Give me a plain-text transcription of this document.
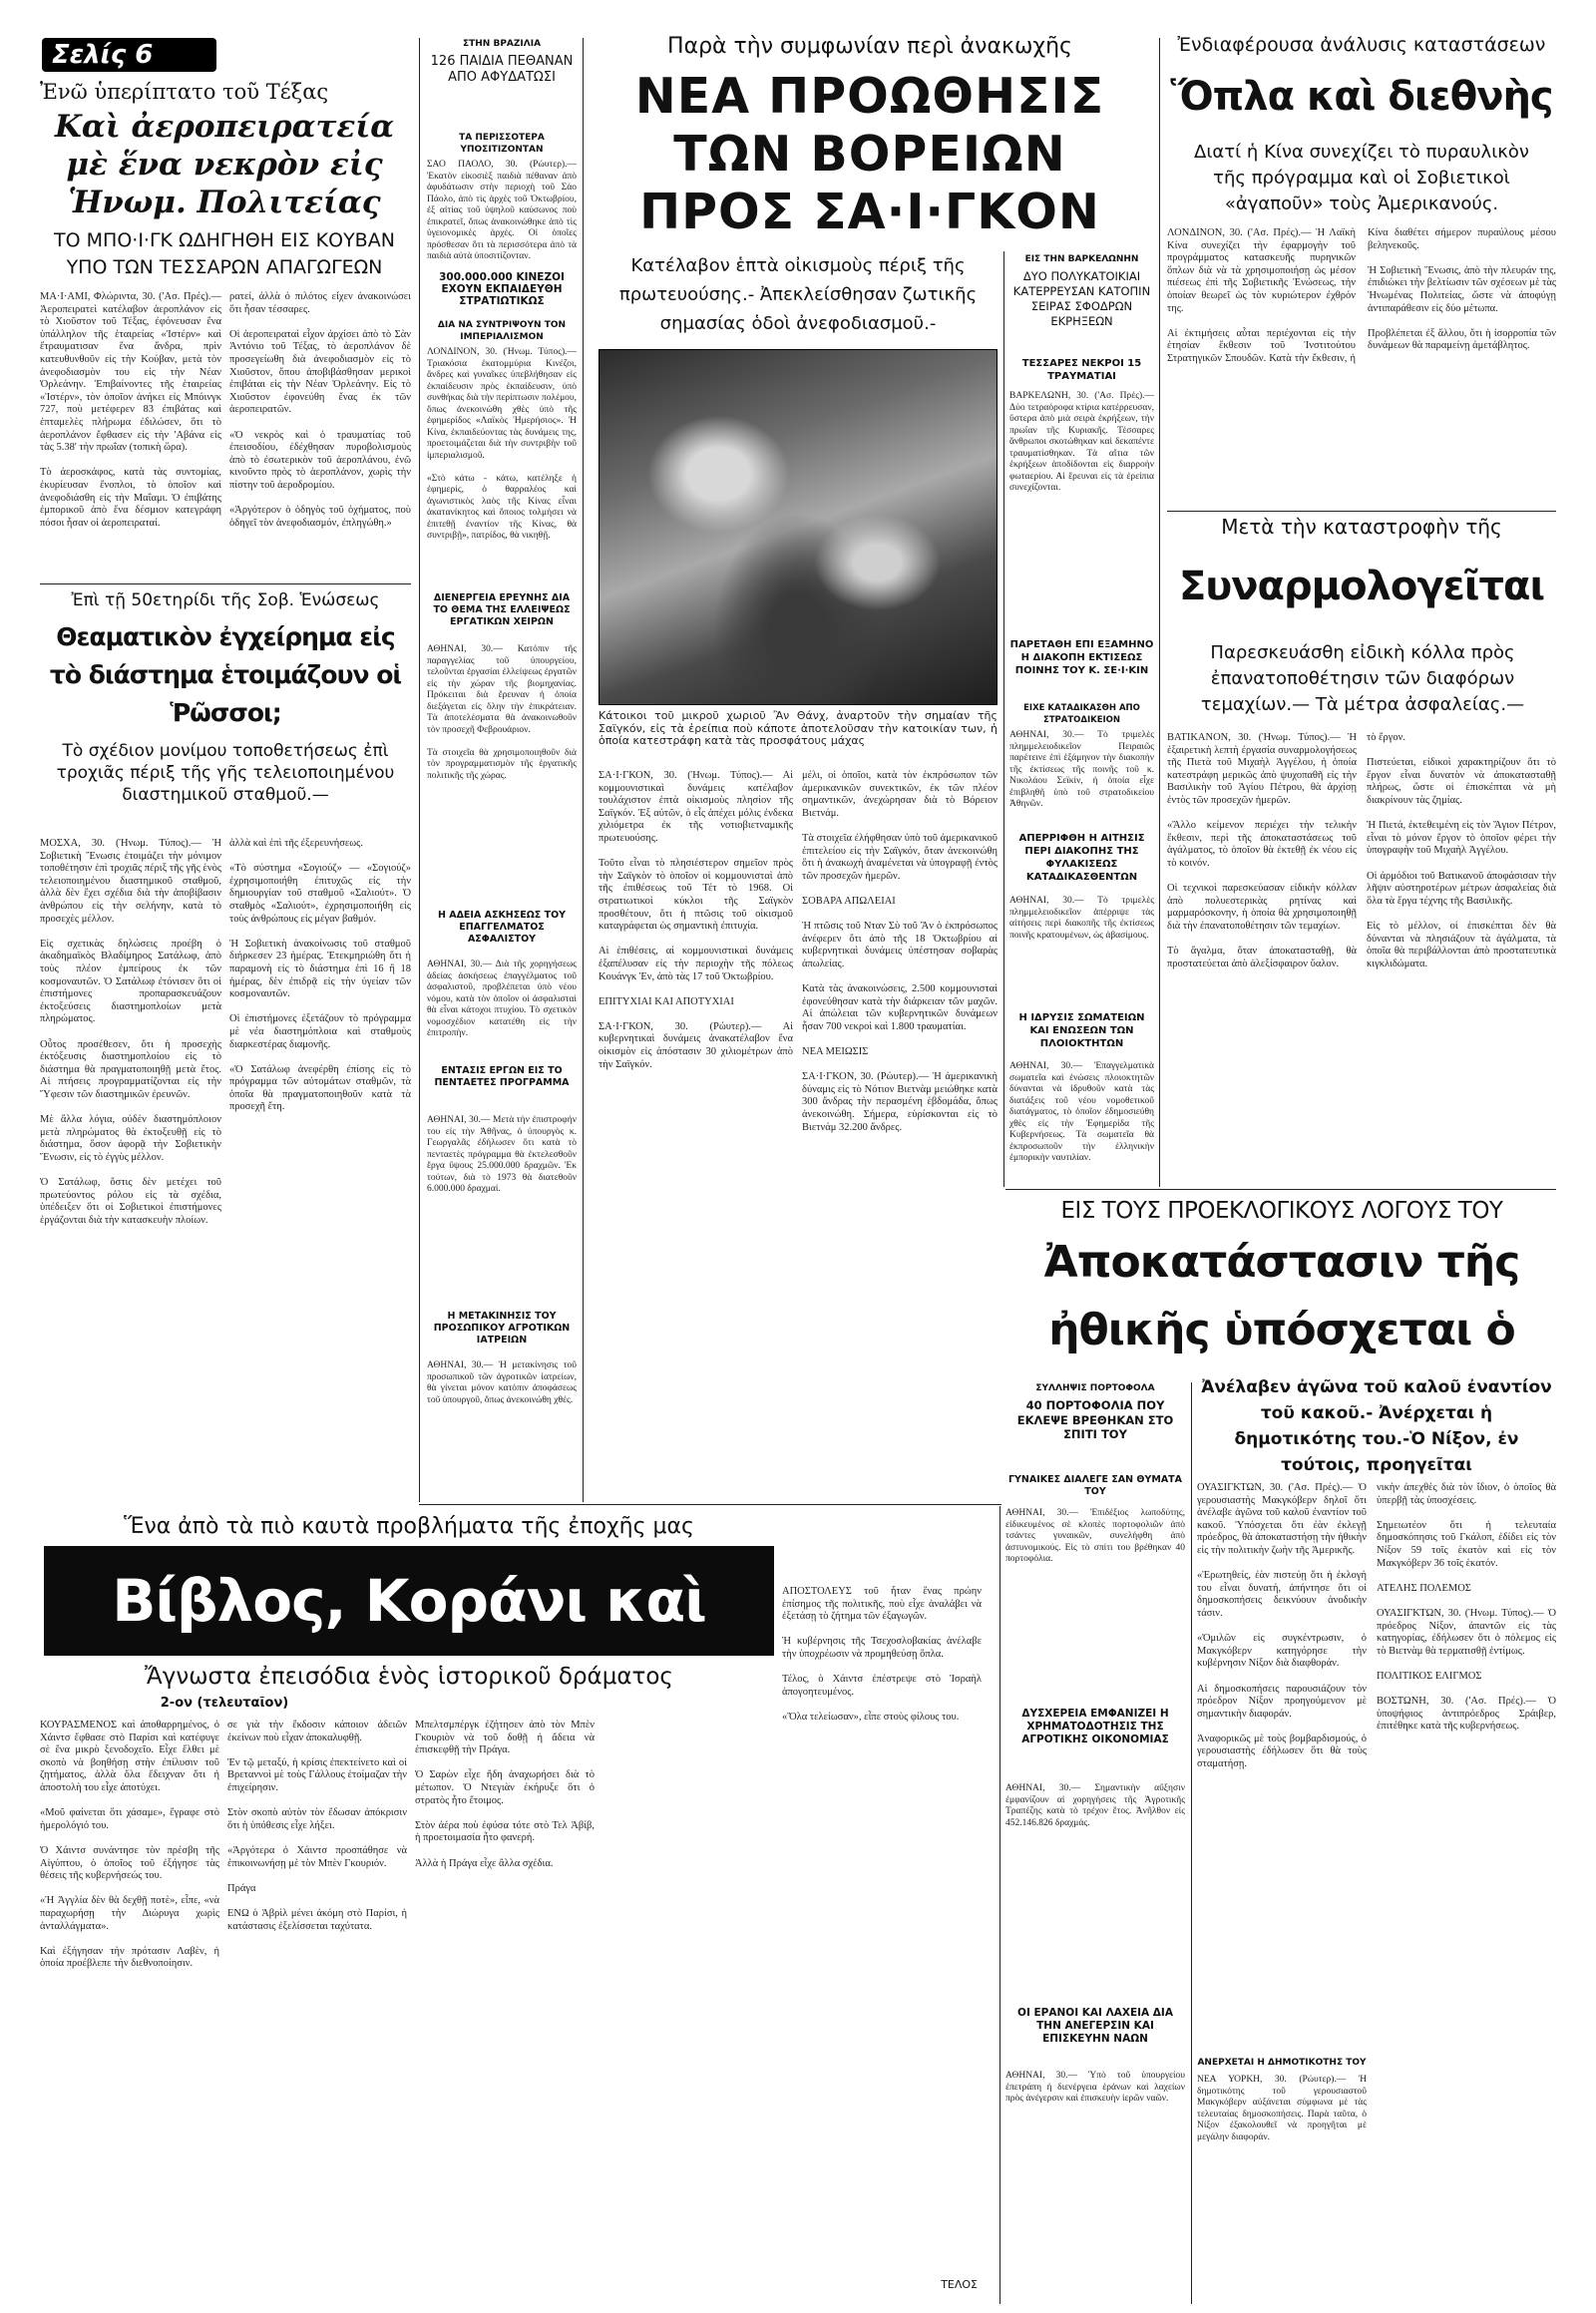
Σελίς 6
Ἐνῶ ὑπερίπτατο τοῦ Τέξας
Καὶ ἀεροπειρατεία μὲ ἕνα νεκρὸν εἰς Ἡνωμ. Πολιτείας
ΤΟ ΜΠΟ·Ι·ΓΚ ΩΔΗΓΗΘΗ ΕΙΣ ΚΟΥΒΑΝ ΥΠΟ ΤΩΝ ΤΕΣΣΑΡΩΝ ΑΠΑΓΩΓΕΩΝ
ΜΑ·Ι·ΑΜΙ, Φλώριντα, 30. ('Ασ. Πρές).— Ἀεροπειρατεὶ κατέλαβον ἀεροπλάνον εἰς τὸ Χιοῦστον τοῦ Τέξας, ἐφόνευσαν ἕνα ὑπάλληλον τῆς ἑταιρείας «Ἰστέρν» καὶ ἔτραυματισαν ἕνα ἄνδρα, πρὶν κατευθυνθοῦν εἰς τὴν Κούβαν, μετὰ τὸν ἀνεφοδιασμὸν του εἰς τὴν Νέαν Ὀρλεάνην. Ἐπιβαίνοντες τῆς ἑταιρείας «Ἰστέρν», τὸν ὁποῖον ἀνήκει εἰς Μπόινγκ 727, ποὺ μετέφερεν 83 ἐπιβάτας καὶ ἐπταμελὲς πλήρωμα ἐδιλώσεν, ὅτι τὸ ἀεροπλάνον ἔφθασεν εἰς τὴν 'Αβάνα εἰς τὰς 5.38' τὴν πρωΐαν (τοπικὴ ὥρα).

Τὸ ἀεροσκάφος, κατὰ τὰς συντομίας, ἐκυρίευσαν ἔνοπλοι, τὸ ὁποῖον καὶ ἀνεφοδιάσθη εἰς τὴν Μαΐαμι. Ὁ ἐπιβάτης ἐμπορικοῦ ἀπὸ ἕνα δέσμιον κατεγράφη πόσοι ἦσαν οἱ ἀεροπειραταί.
ρατεί, ἀλλὰ ὁ πιλότος εἶχεν ἀνακοινώσει ὅτι ἦσαν τέσσαρες.

Οἱ ἀεροπειραταὶ εἶχον ἀρχίσει ἀπὸ τὸ Σὰν Ἀντόνιο τοῦ Τέξας, τὸ ἀεροπλάνον δὲ προσεγείωθη διὰ ἀνεφοδιασμὸν εἰς τὸ Χιοῦστον, ὅπου ἀποβιβάσθησαν μερικοὶ ἐπιβάται εἰς τὴν Νέαν Ὀρλεάνην. Εἰς τὸ Χιοῦστον ἐφονεύθη ἔνας ἐκ τῶν ἀεροπειρατῶν.

«Ὁ νεκρὸς καὶ ὁ τραυματίας τοῦ ἐπεισοδίου, ἐδέχθησαν πυροβολισμοὺς ἀπὸ τὸ ἐσωτερικὸν τοῦ ἀεροπλάνου, ἐνῶ κινοῦντο πρὸς τὸ ἀεροπλάνον, χωρὶς τὴν πίστην τοῦ ἀεροδρομίου.

«Ἀργότερον ὁ ὁδηγὸς τοῦ ὀχήματος, ποὺ ὁδηγεῖ τὸν ἀνεφοδιασμόν, ἐπληγώθη.»
Ἐπὶ τῇ 50ετηρίδι τῆς Σοβ. Ἑνώσεως
Θεαματικὸν ἐγχείρημα εἰς τὸ διάστημα ἑτοιμάζουν οἱ Ῥῶσσοι;
Τὸ σχέδιον μονίμου τοποθετήσεως ἐπὶ τροχιᾶς πέριξ τῆς γῆς τελειοποιημένου διαστημικοῦ σταθμοῦ.—
ΜΟΣΧΑ, 30. (Ἡνωμ. Τύπος).— Ἡ Σοβιετικὴ Ἕνωσις ἑτοιμάζει τὴν μόνιμον τοποθέτησιν ἐπὶ τροχιᾶς πέριξ τῆς γῆς ἑνὸς τελειοποιημένου διαστημικοῦ σταθμοῦ, ἀλλὰ δὲν ἔχει σχέδια διὰ τὴν ἀποβίβασιν ἀνθρώπου εἰς τὴν σελήνην, κατὰ τὸ προσεχὲς μέλλον.

Εἰς σχετικὰς δηλώσεις προέβη ὁ ἀκαδημαϊκὸς Βλαδίμηρος Σατάλωφ, ἀπὸ τοὺς πλέον ἐμπείρους ἐκ τῶν κοσμοναυτῶν. Ὁ Σατάλωφ ἐτόνισεν ὅτι οἱ ἐπιστήμονες προπαρασκευάζουν ἐκτοξεύσεις διαστημοπλοίων μετὰ πληρώματος.

Οὗτος προσέθεσεν, ὅτι ἡ προσεχὴς ἐκτόξευσις διαστημοπλοίου εἰς τὸ διάστημα θὰ πραγματοποιηθῇ μετὰ ἔτος. Αἱ πτήσεις προγραμματίζονται εἰς τὴν Ὕφεσιν τῶν διαστημικῶν ἐρευνῶν.

Μὲ ἄλλα λόγια, οὐδὲν διαστημόπλοιον μετὰ πληρώματος θὰ ἐκτοξευθῇ εἰς τὸ διάστημα, ὅσον ἀφορᾷ τὴν Σοβιετικὴν Ἕνωσιν, εἰς τὸ ἐγγὺς μέλλον.

Ὁ Σατάλωφ, ὅστις δὲν μετέχει τοῦ πρωτεύοντος ρόλου εἰς τὰ σχέδια, ὑπέδειξεν ὅτι οἱ Σοβιετικοὶ ἐπιστήμονες ἐργάζονται διὰ τὴν κατασκευὴν πλοίων.
ἀλλὰ καὶ ἐπὶ τῆς ἐξερευνήσεως.

«Τὸ σύστημα «Σογιούζ» — «Σογιούζ» ἐχρησιμοποιήθη ἐπιτυχῶς εἰς τὴν δημιουργίαν τοῦ σταθμοῦ «Σαλιούτ». Ὁ σταθμὸς «Σαλιούτ», ἐχρησιμοποιήθη εἰς τοὺς ἀνθρώπους εἰς μέγαν βαθμόν.

Ἡ Σοβιετικὴ ἀνακοίνωσις τοῦ σταθμοῦ διήρκεσεν 23 ἡμέρας. Ἐτεκμηριώθη ὅτι ἡ παραμονὴ εἰς τὸ διάστημα ἐπὶ 16 ἢ 18 ἡμέρας, δὲν ἐπιδρᾷ εἰς τὴν ὑγείαν τῶν κοσμοναυτῶν.

Οἱ ἐπιστήμονες ἐξετάζουν τὸ πρόγραμμα μὲ νέα διαστημόπλοια καὶ σταθμοὺς διαρκεστέρας διαμονῆς.

«Ὁ Σατάλωφ ἀνεφέρθη ἐπίσης εἰς τὸ πρόγραμμα τῶν αὐτομάτων σταθμῶν, τὰ ὁποῖα θὰ πραγματοποιηθοῦν κατὰ τὰ προσεχῆ ἔτη.
ΣΤΗΝ ΒΡΑΖΙΛΙΑ
126 ΠΑΙΔΙΑ ΠΕΘΑΝΑΝ ΑΠΟ ΑΦΥΔΑΤΩΣΙ
ΤΑ ΠΕΡΙΣΣΟΤΕΡΑ ΥΠΟΣΙΤΙΖΟΝΤΑΝ
ΣΑΟ ΠΑΟΛΟ, 30. (Ρώυτερ).— Ἑκατὸν εἰκοσιὲξ παιδιὰ πέθαναν ἀπὸ ἀφυδάτωσιν στὴν περιοχὴ τοῦ Σάο Πάολο, ἀπὸ τὶς ἀρχὲς τοῦ Ὀκτωβρίου, ἐξ αἰτίας τοῦ ὑψηλοῦ καύσωνος ποὺ ἐπικρατεῖ, ὅπως ἀνακοινώθηκε ἀπὸ τὶς ὑγειονομικὲς ἀρχές. Οἱ ὁποῖες πρόσθεσαν ὅτι τὰ περισσότερα ἀπὸ τὰ παιδιὰ αὐτὰ ὑποσιτίζονταν.
300.000.000 ΚΙΝΕΖΟΙ ΕΧΟΥΝ ΕΚΠΑΙΔΕΥΘΗ ΣΤΡΑΤΙΩΤΙΚΩΣ
ΔΙΑ ΝΑ ΣΥΝΤΡΙΨΟΥΝ ΤΟΝ ΙΜΠΕΡΙΑΛΙΣΜΟΝ
ΛΟΝΔΙΝΟΝ, 30. (Ἡνωμ. Τύπος).— Τριακόσια ἑκατομμύρια Κινέζοι, ἄνδρες καὶ γυναῖκες ὑπεβλήθησαν εἰς ἐκπαίδευσιν πρὸς ἐκπαίδευσιν, ὑπὸ συνθήκας διὰ τὴν περίπτωσιν πολέμου, ὅπως ἀνεκοινώθη χθὲς ὑπὸ τῆς ἐφημερίδος «Λαϊκὸς Ἡμερήσιος». Ἡ Κίνα, ἐκπαιδεύοντας τὰς δυνάμεις της, προετοιμάζεται διὰ τὴν συντριβὴν τοῦ ἰμπεριαλισμοῦ.

«Στὸ κάτω - κάτω, κατέληξε ἡ ἐφημερίς, ὁ θαρραλέος καὶ ἀγωνιστικὸς λαὸς τῆς Κίνας εἶναι ἀκατανίκητος καὶ ὅποιος τολμήσει νὰ ἐπιτεθῇ ἐναντίον τῆς Κίνας, θὰ συντριβῇ», πατρίδος, θὰ νικηθῇ.
ΔΙΕΝΕΡΓΕΙΑ ΕΡΕΥΝΗΣ ΔΙΑ ΤΟ ΘΕΜΑ ΤΗΣ ΕΛΛΕΙΨΕΩΣ ΕΡΓΑΤΙΚΩΝ ΧΕΙΡΩΝ
ΑΘΗΝΑΙ, 30.— Κατόπιν τῆς παραγγελίας τοῦ ὑπουργείου, τελοῦνται ἐργασίαι ἐλλείψεως ἐργατῶν εἰς τὴν χώραν τῆς βιομηχανίας. Πρόκειται διὰ ἔρευναν ἡ ὁποία διεξάγεται εἰς ὅλην τὴν ἐπικράτειαν. Τὰ ἀποτελέσματα θὰ ἀνακοινωθοῦν τὸν προσεχῆ Φεβρουάριον.

Τὰ στοιχεῖα θὰ χρησιμοποιηθοῦν διὰ τὸν προγραμματισμὸν τῆς ἐργατικῆς πολιτικῆς τῆς χώρας.
Η ΑΔΕΙΑ ΑΣΚΗΣΕΩΣ ΤΟΥ ΕΠΑΓΓΕΛΜΑΤΟΣ ΑΣΦΑΛΙΣΤΟΥ
ΑΘΗΝΑΙ, 30.— Διὰ τῆς χορηγήσεως ἀδείας ἀσκήσεως ἐπαγγέλματος τοῦ ἀσφαλιστοῦ, προβλέπεται ὑπὸ νέου νόμου, κατὰ τὸν ὁποῖον οἱ ἀσφαλισταὶ θὰ εἶναι κάτοχοι πτυχίου. Τὸ σχετικὸν νομοσχέδιον κατατέθη εἰς τὴν ἐπιτροπὴν.
ΕΝΤΑΣΙΣ ΕΡΓΩΝ ΕΙΣ ΤΟ ΠΕΝΤΑΕΤΕΣ ΠΡΟΓΡΑΜΜΑ
ΑΘΗΝΑΙ, 30.— Μετὰ τὴν ἐπιστροφήν του εἰς τὴν Ἀθῆνας, ὁ ὑπουργὸς κ. Γεωργαλᾶς ἐδήλωσεν ὅτι κατὰ τὸ πενταετὲς πρόγραμμα θὰ ἐκτελεσθοῦν ἔργα ὕψους 25.000.000 δραχμῶν. Ἐκ τούτων, διὰ τὸ 1973 θὰ διατεθοῦν 6.000.000 δραχμαί.
Η ΜΕΤΑΚΙΝΗΣΙΣ ΤΟΥ ΠΡΟΣΩΠΙΚΟΥ ΑΓΡΟΤΙΚΩΝ ΙΑΤΡΕΙΩΝ
ΑΘΗΝΑΙ, 30.— Ἡ μετακίνησις τοῦ προσωπικοῦ τῶν ἀγροτικῶν ἰατρείων, θὰ γίνεται μόνον κατόπιν ἀποφάσεως τοῦ ὑπουργοῦ, ὅπως ἀνεκοινώθη χθές.
Παρὰ τὴν συμφωνίαν περὶ ἀνακωχῆς
ΝΕΑ ΠΡΟΩΘΗΣΙΣ ΤΩΝ ΒΟΡΕΙΩΝ ΠΡΟΣ ΣΑ·Ι·ΓΚΟΝ
Κατέλαβον ἑπτὰ οἰκισμοὺς πέριξ τῆς πρωτευούσης.- Ἀπεκλείσθησαν ζωτικῆς σημασίας ὁδοὶ ἀνεφοδιασμοῦ.-
Κάτοικοι τοῦ μικροῦ χωριοῦ Ἂν Θάνχ, ἀναρτοῦν τὴν σημαίαν τῆς Σαϊγκόν, εἰς τὰ ἐρείπια ποὺ κάποτε ἀποτελοῦσαν τὴν κατοικίαν των, ἡ ὁποία κατεστράφη κατὰ τὰς προσφάτους μάχας
ΣΑ·Ι·ΓΚΟΝ, 30. (Ἡνωμ. Τύπος).— Αἱ κομμουνιστικαὶ δυνάμεις κατέλαβον τουλάχιστον ἑπτὰ οἰκισμοὺς πλησίον τῆς Σαϊγκόν. Ἐξ αὐτῶν, ὁ εἷς ἀπέχει μόλις ἐνδεκα χιλιόμετρα ἐκ τῆς νοτιοβιετναμικῆς πρωτευούσης.

Τοῦτο εἶναι τὸ πλησιέστερον σημεῖον πρὸς τὴν Σαϊγκὸν τὸ ὁποῖον οἱ κομμουνισταὶ ἀπὸ τῆς ἐπιθέσεως τοῦ Τέτ τὸ 1968. Οἱ στρατιωτικοὶ κύκλοι τῆς Σαϊγκὸν προσθέτουν, ὅτι ἡ πτῶσις τοῦ οἰκισμοῦ καταγράφεται ὡς σημαντικὴ ἐπιτυχία.

Αἱ ἐπιθέσεις, αἱ κομμουνιστικαὶ δυνάμεις ἐξαπέλυσαν εἰς τὴν περιοχὴν τῆς πόλεως Κουάνγκ Ἐν, ἀπὸ τὰς 17 τοῦ Ὀκτωβρίου.

ΕΠΙΤΥΧΙΑΙ ΚΑΙ ΑΠΟΤΥΧΙΑΙ

ΣΑ·Ι·ΓΚΟΝ, 30. (Ρώυτερ).— Αἱ κυβερνητικαὶ δυνάμεις ἀνακατέλαβον ἕνα οἰκισμὸν εἰς ἀπόστασιν 30 χιλιομέτρων ἀπὸ τὴν Σαϊγκόν.
μέλι, οἱ ὁποῖοι, κατὰ τὸν ἐκπρόσωπον τῶν ἀμερικανικῶν συνεκτικῶν, ἐκ τῶν πλέον σημαντικῶν, ἀνεχώρησαν διὰ τὸ Βόρειον Βιετνάμ.

Τὰ στοιχεῖα ἐλήφθησαν ὑπὸ τοῦ ἀμερικανικοῦ ἐπιτελείου εἰς τὴν Σαϊγκόν, ὅταν ἀνεκοινώθη ὅτι ἡ ἀνακωχὴ ἀναμένεται νὰ ὑπογραφῇ ἐντὸς τῶν προσεχῶν ἡμερῶν.

ΣΟΒΑΡΑ ΑΠΩΛΕΙΑΙ

Ἡ πτῶσις τοῦ Νταν Σὺ τοῦ Ἂν ὁ ἐκπρόσωπος ἀνέφερεν ὅτι ἀπὸ τῆς 18 Ὀκτωβρίου αἱ κυβερνητικαὶ δυνάμεις ὑπέστησαν σοβαρὰς ἀπωλείας.

Κατὰ τὰς ἀνακοινώσεις, 2.500 κομμουνισταὶ ἐφονεύθησαν κατὰ τὴν διάρκειαν τῶν μαχῶν. Αἱ ἀπώλειαι τῶν κυβερνητικῶν δυνάμεων ἦσαν 700 νεκροὶ καὶ 1.800 τραυματίαι.

ΝΕΑ ΜΕΙΩΣΙΣ

ΣΑ·Ι·ΓΚΟΝ, 30. (Ρώυτερ).— Ἡ ἀμερικανικὴ δύναμις εἰς τὸ Νότιον Βιετνὰμ μειώθηκε κατὰ 300 ἄνδρας τὴν περασμένη ἑβδομάδα, ὅπως ἀνεκοινώθη. Σήμερα, εὑρίσκονται εἰς τὸ Βιετνάμ 32.200 ἄνδρες.
ΕΙΣ ΤΗΝ ΒΑΡΚΕΛΩΝΗΝ
ΔΥΟ ΠΟΛΥΚΑΤΟΙΚΙΑΙ ΚΑΤΕΡΡΕΥΣΑΝ ΚΑΤΟΠΙΝ ΣΕΙΡΑΣ ΣΦΟΔΡΩΝ ΕΚΡΗΞΕΩΝ
ΤΕΣΣΑΡΕΣ ΝΕΚΡΟΙ 15 ΤΡΑΥΜΑΤΙΑΙ
ΒΑΡΚΕΛΩΝΗ, 30. ('Ασ. Πρές).— Δύο τετραόροφα κτίρια κατέρρευσαν, ὕστερα ἀπὸ μιὰ σειρὰ ἐκρήξεων, τὴν πρωΐαν τῆς Κυριακῆς. Τέσσαρες ἄνθρωποι σκοτώθηκαν καὶ δεκαπέντε τραυματίσθηκαν. Τὰ αἴτια τῶν ἐκρήξεων ἀποδίδονται εἰς διαρροὴν φωταερίου. Αἱ ἔρευναι εἰς τὰ ἐρείπια συνεχίζονται.
ΠΑΡΕΤΑΘΗ ΕΠΙ ΕΞΑΜΗΝΟ Η ΔΙΑΚΟΠΗ ΕΚΤΙΣΕΩΣ ΠΟΙΝΗΣ ΤΟΥ Κ. ΣΕ·Ι·ΚΙΝ
ΕΙΧΕ ΚΑΤΑΔΙΚΑΣΘΗ ΑΠΟ ΣΤΡΑΤΟΔΙΚΕΙΟΝ
ΑΘΗΝΑΙ, 30.— Τὸ τριμελὲς πλημμελειοδικεῖον Πειραιῶς παρέτεινε ἐπὶ ἑξάμηνον τὴν διακοπὴν τῆς ἐκτίσεως τῆς ποινῆς τοῦ κ. Νικολάου Σεϊκίν, ἡ ὁποία εἶχε ἐπιβληθῆ ὑπὸ τοῦ στρατοδικείου Ἀθηνῶν.
ΑΠΕΡΡΙΦΘΗ Η ΑΙΤΗΣΙΣ ΠΕΡΙ ΔΙΑΚΟΠΗΣ ΤΗΣ ΦΥΛΑΚΙΣΕΩΣ ΚΑΤΑΔΙΚΑΣΘΕΝΤΩΝ
ΑΘΗΝΑΙ, 30.— Τὸ τριμελὲς πλημμελειοδικεῖον ἀπέρριψε τὰς αἰτήσεις περὶ διακοπῆς τῆς ἐκτίσεως ποινῆς κρατουμένων, ὡς ἀβασίμους.
Η ΙΔΡΥΣΙΣ ΣΩΜΑΤΕΙΩΝ ΚΑΙ ΕΝΩΣΕΩΝ ΤΩΝ ΠΛΟΙΟΚΤΗΤΩΝ
ΑΘΗΝΑΙ, 30.— Ἐπαγγελματικὰ σωματεῖα καὶ ἑνώσεις πλοιοκτητῶν δύνανται νὰ ἱδρυθοῦν κατὰ τὰς διατάξεις τοῦ νέου νομοθετικοῦ διατάγματος, τὸ ὁποῖον ἐδημοσιεύθη χθὲς εἰς τὴν Ἐφημερίδα τῆς Κυβερνήσεως. Τὰ σωματεῖα θὰ ἐκπροσωποῦν τὴν ἑλληνικὴν ἐμπορικὴν ναυτιλίαν.
Ἐνδιαφέρουσα ἀνάλυσις καταστάσεων
Ὅπλα καὶ διεθνὴς
Διατί ἡ Κίνα συνεχίζει τὸ πυραυλικὸν τῆς πρόγραμμα καὶ οἱ Σοβιετικοὶ «ἀγαποῦν» τοὺς Ἀμερικανούς.
ΛΟΝΔΙΝΟΝ, 30. ('Ασ. Πρές).— Ἡ Λαϊκὴ Κίνα συνεχίζει τὴν ἐφαρμογὴν τοῦ προγράμματος κατασκευῆς πυρηνικῶν ὅπλων διὰ νὰ τὰ χρησιμοποιήσῃ ὡς μέσον πιέσεως ἐπὶ τῆς Σοβιετικῆς Ἑνώσεως, τὴν ὁποίαν θεωρεῖ ὡς τὸν κυριώτερον ἐχθρόν της.

Αἱ ἐκτιμήσεις αὗται περιέχονται εἰς τὴν ἐτησίαν ἔκθεσιν τοῦ Ἰνστιτούτου Στρατηγικῶν Σπουδῶν. Κατὰ τὴν ἔκθεσιν, ἡ Κίνα διαθέτει σήμερον πυραύλους μέσου βεληνεκοῦς.

Ἡ Σοβιετικὴ Ἕνωσις, ἀπὸ τὴν πλευράν της, ἐπιδιώκει τὴν βελτίωσιν τῶν σχέσεων μὲ τὰς Ἡνωμένας Πολιτείας, ὥστε νὰ ἀποφύγῃ ἀντιπαράθεσιν εἰς δύο μέτωπα.

Προβλέπεται ἐξ ἄλλου, ὅτι ἡ ἰσορροπία τῶν δυνάμεων θὰ παραμείνῃ ἀμετάβλητος.
Μετὰ τὴν καταστροφὴν τῆς
Συναρμολογεῖται
Παρεσκευάσθη εἰδικὴ κόλλα πρὸς ἐπανατοποθέτησιν τῶν διαφόρων τεμαχίων.— Τὰ μέτρα ἀσφαλείας.—
ΒΑΤΙΚΑΝΟΝ, 30. (Ἡνωμ. Τύπος).— Ἡ ἐξαιρετικὴ λεπτὴ ἐργασία συναρμολογήσεως τῆς Πιετὰ τοῦ Μιχαὴλ Ἀγγέλου, ἡ ὁποία κατεστράφη μερικῶς ἀπὸ ψυχοπαθῆ εἰς τὴν Βασιλικὴν τοῦ Ἁγίου Πέτρου, θὰ ἀρχίσῃ ἐντὸς τῶν προσεχῶν ἡμερῶν.

«Ἄλλο κείμενον περιέχει τὴν τελικὴν ἔκθεσιν, περὶ τῆς ἀποκαταστάσεως τοῦ ἀγάλματος, τὸ ὁποῖον θὰ ἐκτεθῇ ἐκ νέου εἰς τὸ κοινόν.

Οἱ τεχνικοὶ παρεσκεύασαν εἰδικὴν κόλλαν ἀπὸ πολυεστερικὰς ρητίνας καὶ μαρμαρόσκονην, ἡ ὁποία θὰ χρησιμοποιηθῇ διὰ τὴν ἐπανατοποθέτησιν τῶν τεμαχίων.

Τὸ ἄγαλμα, ὅταν ἀποκατασταθῇ, θὰ προστατεύεται ἀπὸ ἀλεξίσφαιρον ὕαλον.
τὸ ἔργον.

Πιστεύεται, εἰδικοὶ χαρακτηρίζουν ὅτι τὸ ἔργον εἶναι δυνατὸν νὰ ἀποκατασταθῇ πλήρως, ὥστε οἱ ἐπισκέπται νὰ μὴ διακρίνουν τὰς ζημίας.

Ἡ Πιετά, ἐκτεθειμένη εἰς τὸν Ἅγιον Πέτρον, εἶναι τὸ μόνον ἔργον τὸ ὁποῖον φέρει τὴν ὑπογραφὴν τοῦ Μιχαὴλ Ἀγγέλου.

Οἱ ἀρμόδιοι τοῦ Βατικανοῦ ἀποφάσισαν τὴν λῆψιν αὐστηροτέρων μέτρων ἀσφαλείας διὰ ὅλα τὰ ἔργα τέχνης τῆς Βασιλικῆς.

Εἰς τὸ μέλλον, οἱ ἐπισκέπται δὲν θὰ δύνανται νὰ πλησιάζουν τὰ ἀγάλματα, τὰ ὁποῖα θὰ περιβάλλονται ἀπὸ προστατευτικὰ κιγκλιδώματα.
ΕΙΣ ΤΟΥΣ ΠΡΟΕΚΛΟΓΙΚΟΥΣ ΛΟΓΟΥΣ ΤΟΥ
Ἀποκατάστασιν τῆς ἠθικῆς ὑπόσχεται ὁ
Ἀνέλαβεν ἀγῶνα τοῦ καλοῦ ἐναντίον τοῦ κακοῦ.- Ἀνέρχεται ἡ δημοτικότης του.-Ὁ Νίξον, ἐν τούτοις, προηγεῖται
ΣΥΛΛΗΨΙΣ ΠΟΡΤΟΦΟΛΑ
40 ΠΟΡΤΟΦΟΛΙΑ ΠΟΥ ΕΚΛΕΨΕ ΒΡΕΘΗΚΑΝ ΣΤΟ ΣΠΙΤΙ ΤΟΥ
ΓΥΝΑΙΚΕΣ ΔΙΑΛΕΓΕ ΣΑΝ ΘΥΜΑΤΑ ΤΟΥ
Ἕνα ἀπὸ τὰ πιὸ καυτὰ προβλήματα τῆς ἐποχῆς μας
Βίβλος, Κοράνι καὶ
Ἄγνωστα ἐπεισόδια ἑνὸς ἱστορικοῦ δράματος
2-ον (τελευταῖον)
ΚΟΥΡΑΣΜΕΝΟΣ καὶ ἀποθαρρημένος, ὁ Χάιντσ ἔφθασε στὸ Παρίσι καὶ κατέφυγε σὲ ἕνα μικρὸ ξενοδοχεῖο. Εἶχε ἔλθει μὲ σκοπὸ νὰ βοηθήσῃ στὴν ἐπίλυσιν τοῦ ζητήματος, ἀλλὰ ὅλα ἔδειχναν ὅτι ἡ ἀποστολὴ του εἶχε ἀποτύχει.

«Μοῦ φαίνεται ὅτι χάσαμε», ἔγραφε στὸ ἡμερολόγιό του.

Ὁ Χάιντσ συνάντησε τὸν πρέσβη τῆς Αἰγύπτου, ὁ ὁποῖος τοῦ ἐξήγησε τὰς θέσεις τῆς κυβερνήσεώς του.

«Ἡ Ἀγγλία δὲν θὰ δεχθῇ ποτὲ», εἶπε, «νὰ παραχωρήσῃ τὴν Διώρυγα χωρὶς ἀνταλλάγματα».

Καὶ ἐξήγησαν τὴν πρότασιν Λαβὲν, ἡ ὁποία προέβλεπε τὴν διεθνοποίησιν.
σε γιὰ τὴν ἔκδοσιν κάποιον ἀδειῶν ἐκείνων ποὺ εἶχαν ἀποκαλυφθῇ.

Ἐν τῷ μεταξύ, ἡ κρίσις ἐπεκτείνετο καὶ οἱ Βρεταννοὶ μὲ τοὺς Γάλλους ἑτοίμαζαν τὴν ἐπιχείρησιν.

Στὸν σκοπὸ αὐτὸν τὸν ἔδωσαν ἀπόκρισιν ὅτι ἡ ὑπόθεσις εἶχε λήξει.

«Ἀργότερα ὁ Χάιντσ προσπάθησε νὰ ἐπικοινωνήσῃ μὲ τὸν Μπὲν Γκουριόν.

Πράγα

ΕΝΩ ὁ Ἀβρὶλ μένει ἀκόμη στὸ Παρίσι, ἡ κατάστασις ἐξελίσσεται ταχύτατα.
Μπελτσμπέργκ ἐζήτησεν ἀπὸ τὸν Μπὲν Γκουριὸν νὰ τοῦ δοθῇ ἡ ἄδεια νὰ ἐπισκεφθῇ τὴν Πράγα.

Ὁ Σαρὼν εἶχε ἤδη ἀναχωρήσει διὰ τὸ μέτωπον. Ὁ Ντεγιὰν ἐκήρυξε ὅτι ὁ στρατὸς ἦτο ἕτοιμος.

Στὸν ἀέρα ποὺ ἐφύσα τότε στὸ Τελ Ἀβίβ, ἡ προετοιμασία ἦτο φανερή.

Ἀλλὰ ἡ Πράγα εἶχε ἄλλα σχέδια.
ΑΠΟΣΤΟΛΕΥΣ τοῦ ἦταν ἕνας πρώην ἐπίσημος τῆς πολιτικῆς, ποὺ εἶχε ἀναλάβει νὰ ἐξετάσῃ τὸ ζήτημα τῶν ἐξαγωγῶν.

Ἡ κυβέρνησις τῆς Τσεχοσλοβακίας ἀνέλαβε τὴν ὑποχρέωσιν νὰ προμηθεύσῃ ὅπλα.

Τέλος, ὁ Χάιντσ ἐπέστρεψε στὸ Ἰσραὴλ ἀπογοητευμένος.

«Ὅλα τελείωσαν», εἶπε στοὺς φίλους του.
ΤΕΛΟΣ
ΑΘΗΝΑΙ, 30.— Ἐπιδέξιος λωποδύτης, εἰδικευμένος σὲ κλοπὲς πορτοφολιῶν ἀπὸ τσάντες γυναικῶν, συνελήφθη ἀπὸ ἀστυνομικούς. Εἰς τὸ σπίτι του βρέθηκαν 40 πορτοφόλια.
ΔΥΣΧΕΡΕΙΑ ΕΜΦΑΝΙΖΕΙ Η ΧΡΗΜΑΤΟΔΟΤΗΣΙΣ ΤΗΣ ΑΓΡΟΤΙΚΗΣ ΟΙΚΟΝΟΜΙΑΣ
ΑΘΗΝΑΙ, 30.— Σημαντικὴν αὔξησιν ἐμφανίζουν αἱ χορηγήσεις τῆς Ἀγροτικῆς Τραπέζης κατὰ τὸ τρέχον ἔτος. Ἀνῆλθον εἰς 452.146.826 δραχμάς.
ΟΙ ΕΡΑΝΟΙ ΚΑΙ ΛΑΧΕΙΑ ΔΙΑ ΤΗΝ ΑΝΕΓΕΡΣΙΝ ΚΑΙ ΕΠΙΣΚΕΥΗΝ ΝΑΩΝ
ΑΘΗΝΑΙ, 30.— Ὑπὸ τοῦ ὑπουργείου ἐπετράπη ἡ διενέργεια ἐράνων καὶ λαχείων πρὸς ἀνέγερσιν καὶ ἐπισκευὴν ἱερῶν ναῶν.
ΟΥΑΣΙΓΚΤΩΝ, 30. ('Ασ. Πρές).— Ὁ γερουσιαστὴς Μακγκόβερν δηλοῖ ὅτι ἀνέλαβε ἀγῶνα τοῦ καλοῦ ἐναντίον τοῦ κακοῦ. Ὑπόσχεται ὅτι ἐὰν ἐκλεγῇ πρόεδρος, θὰ ἀποκαταστήσῃ τὴν ἠθικὴν εἰς τὴν πολιτικὴν ζωὴν τῆς Ἀμερικῆς.

«Ἐρωτηθείς, ἐὰν πιστεύῃ ὅτι ἡ ἐκλογὴ του εἶναι δυνατή, ἀπήντησε ὅτι οἱ δημοσκοπήσεις δεικνύουν ἀνοδικὴν τάσιν.

«Ὀμιλῶν εἰς συγκέντρωσιν, ὁ Μακγκόβερν κατηγόρησε τὴν κυβέρνησιν Νίξον διὰ διαφθοράν.

Αἱ δημοσκοπήσεις παρουσιάζουν τὸν πρόεδρον Νίξον προηγούμενον μὲ σημαντικὴν διαφοράν.

Ἀναφορικῶς μὲ τοὺς βομβαρδισμούς, ὁ γερουσιαστὴς ἐδήλωσεν ὅτι θὰ τοὺς σταματήσῃ.
νικὴν ἀπεχθὲς διὰ τὸν ἴδιον, ὁ ὁποῖος θὰ ὑπερβῇ τὰς ὑποσχέσεις.

Σημειωτέον ὅτι ἡ τελευταία δημοσκόπησις τοῦ Γκάλοπ, ἐδίδει εἰς τὸν Νίξον 59 τοῖς ἑκατὸν καὶ εἰς τὸν Μακγκόβερν 36 τοῖς ἑκατόν.

ΑΤΕΛΗΣ ΠΟΛΕΜΟΣ

ΟΥΑΣΙΓΚΤΩΝ, 30. (Ἡνωμ. Τύπος).— Ὁ πρόεδρος Νίξον, ἀπαντῶν εἰς τὰς κατηγορίας, ἐδήλωσεν ὅτι ὁ πόλεμος εἰς τὸ Βιετνὰμ θὰ τερματισθῇ ἐντίμως.

ΠΟΛΙΤΙΚΟΣ ΕΛΙΓΜΟΣ

ΒΟΣΤΩΝΗ, 30. ('Ασ. Πρές).— Ὁ ὑποψήφιος ἀντιπρόεδρος Σράιβερ, ἐπιτέθηκε κατὰ τῆς κυβερνήσεως.
ΑΝΕΡΧΕΤΑΙ Η ΔΗΜΟΤΙΚΟΤΗΣ ΤΟΥ
ΝΕΑ ΥΟΡΚΗ, 30. (Ρώυτερ).— Ἡ δημοτικότης τοῦ γερουσιαστοῦ Μακγκόβερν αὐξάνεται σύμφωνα μὲ τὰς τελευταίας δημοσκοπήσεις. Παρὰ ταῦτα, ὁ Νίξον ἐξακολουθεῖ νὰ προηγῆται μὲ μεγάλην διαφοράν.
